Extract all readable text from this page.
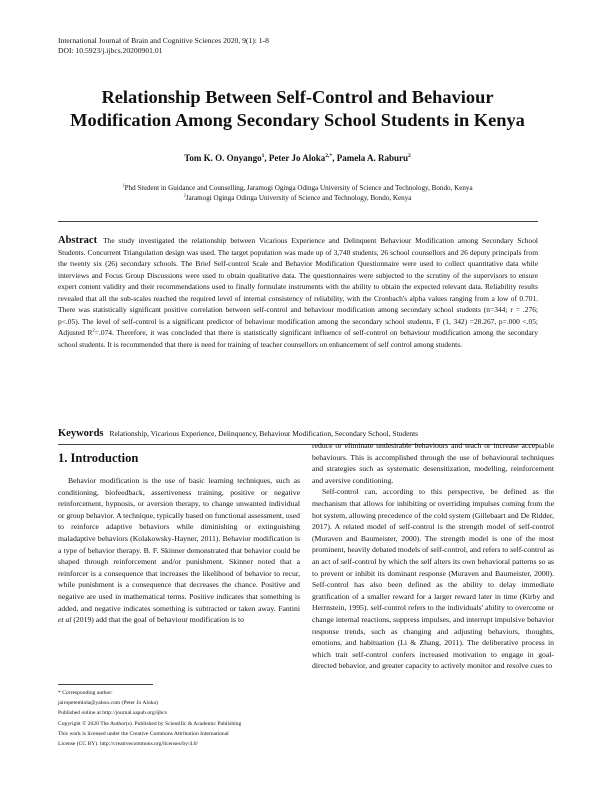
International Journal of Brain and Cognitive Sciences 2020, 9(1): 1-8
DOI: 10.5923/j.ijbcs.20200901.01
Relationship Between Self-Control and Behaviour
Modification Among Secondary School Students in Kenya
Tom K. O. Onyango$^1$, Peter Jo Aloka$^{2,*}$, Pamela A. Raburu$^2$
$^1$Phd Student in Guidance and Counselling, Jaramogi Oginga Odinga University of Science and Technology, Bondo, Kenya
$^2$Jaramogi Oginga Odinga University of Science and Technology, Bondo, Kenya
Abstract The study investigated the relationship between Vicarious Experience and Delinquent Behaviour Modification among Secondary School Students. Concurrent Triangulation design was used. The target population was made up of 3,740 students, 26 school counsellors and 26 deputy principals from the twenty six (26) secondary schools. The Brief Self-control Scale and Behavior Modification Questionnaire were used to collect quantitative data while interviews and Focus Group Discussions were used to obtain qualitative data. The questionnaires were subjected to the scrutiny of the supervisors to ensure expert content validity and their recommendations used to finally formulate instruments with the ability to obtain the expected relevant data. Reliability results revealed that all the sub-scales reached the required level of internal consistency of reliability, with the Cronbach's alpha values ranging from a low of 0.701. There was statistically significant positive correlation between self-control and behaviour modification among secondary school students (n=344; r = .276; p<.05). The level of self-control is a significant predictor of behaviour modification among the secondary school students, F (1, 342) =28.267, p=.000 <.05; Adjusted $R^2=.074$. Therefore, it was concluded that there is statistically significant influence of self-control on behaviour modification among the secondary school students. It is recommended that there is need for training of teacher counsellors on enhancement of self control among students.
Keywords Relationship, Vicarious Experience, Delinquency, Behaviour Modification, Secondary School, Students
1. Introduction

Behavior modification is the use of basic learning techniques, such as conditioning, biofeedback, assertiveness training, positive or negative reinforcement, hypnosis, or aversion therapy, to change unwanted individual or group behavior. A technique, typically based on functional assessment, used to reinforce adaptive behaviors while diminishing or extinguishing maladaptive behaviors (Kolakowsky-Hayner, 2011). Behavior modification is a type of behavior therapy. B. F. Skinner demonstrated that behavior could be shaped through reinforcement and/or punishment. Skinner noted that a reinforcer is a consequence that increases the likelihood of behavior to recur, while punishment is a consequence that decreases the chance. Positive and negative are used in mathematical terms. Positive indicates that something is added, and negative indicates something is subtracted or taken away. Fantini et al (2019) add that the goal of behaviour modification is to

* Corresponding author:
jairopetemlola@yahoo.com (Peter Jo Aloka)
Published online at http://journal.sapub.org/ijbcs
Copyright © 2020 The Author(s). Published by Scientific & Academic Publishing
This work is licensed under the Creative Commons Attribution International
License (CC BY). http://creativecommons.org/licenses/by/4.0/

reduce or eliminate undesirable behaviours and teach or increase acceptable behaviours. This is accomplished through the use of behavioural techniques and strategies such as systematic desensitization, modelling, reinforcement and aversive conditioning.

Self-control can, according to this perspective, be defined as the mechanism that allows for inhibiting or overriding impulses coming from the hot system, allowing precedence of the cold system (Gillebaart and De Ridder, 2017). A related model of self-control is the strength model of self-control (Muraven and Baumeister, 2000). The strength model is one of the most prominent, heavily debated models of self-control, and refers to self-control as an act of self-control by which the self alters its own behavioral patterns so as to prevent or inhibit its dominant response (Muraven and Baumeister, 2000). Self-control has also been defined as the ability to delay immediate gratification of a smaller reward for a larger reward later in time (Kirby and Herrnstein, 1995). self-control refers to the individuals' ability to overcome or change internal reactions, suppress impulses, and interrupt impulsive behavior response trends, such as changing and adjusting behaviors, thoughts, emotions, and habituation (Li & Zhang, 2011). The deliberative process in which trait self-control confers increased motivation to engage in goal-directed behavior, and greater capacity to actively monitor and resolve cues to
